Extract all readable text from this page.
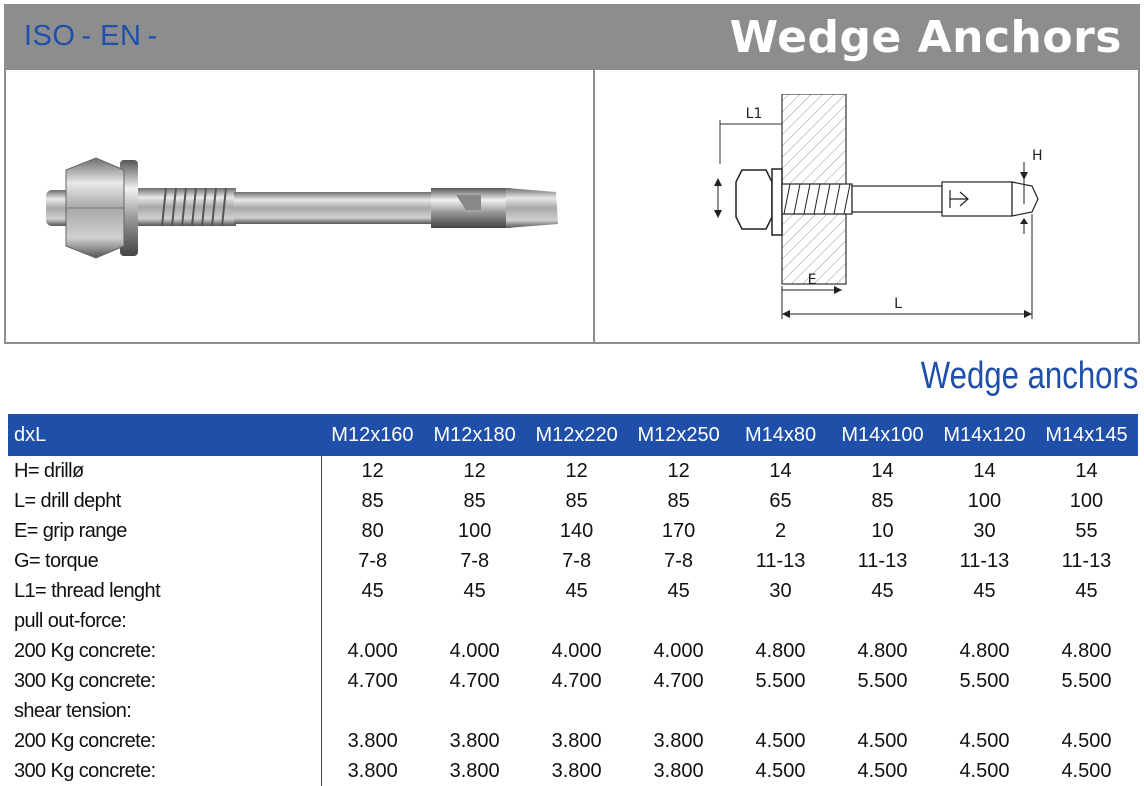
ISO - EN -	Wedge Anchors
L1
H
E
L
Wedge anchors
dxL	M12x160	M12x180	M12x220	M12x250	M14x80	M14x100	M14x120	M14x145
H= drillø	12	12	12	12	14	14	14	14
L= drill depht	85	85	85	85	65	85	100	100
E= grip range	80	100	140	170	2	10	30	55
G= torque	7-8	7-8	7-8	7-8	11-13	11-13	11-13	11-13
L1= thread lenght	45	45	45	45	30	45	45	45
pull out-force:								
200 Kg concrete:	4.000	4.000	4.000	4.000	4.800	4.800	4.800	4.800
300 Kg concrete:	4.700	4.700	4.700	4.700	5.500	5.500	5.500	5.500
shear tension:								
200 Kg concrete:	3.800	3.800	3.800	3.800	4.500	4.500	4.500	4.500
300 Kg concrete:	3.800	3.800	3.800	3.800	4.500	4.500	4.500	4.500
